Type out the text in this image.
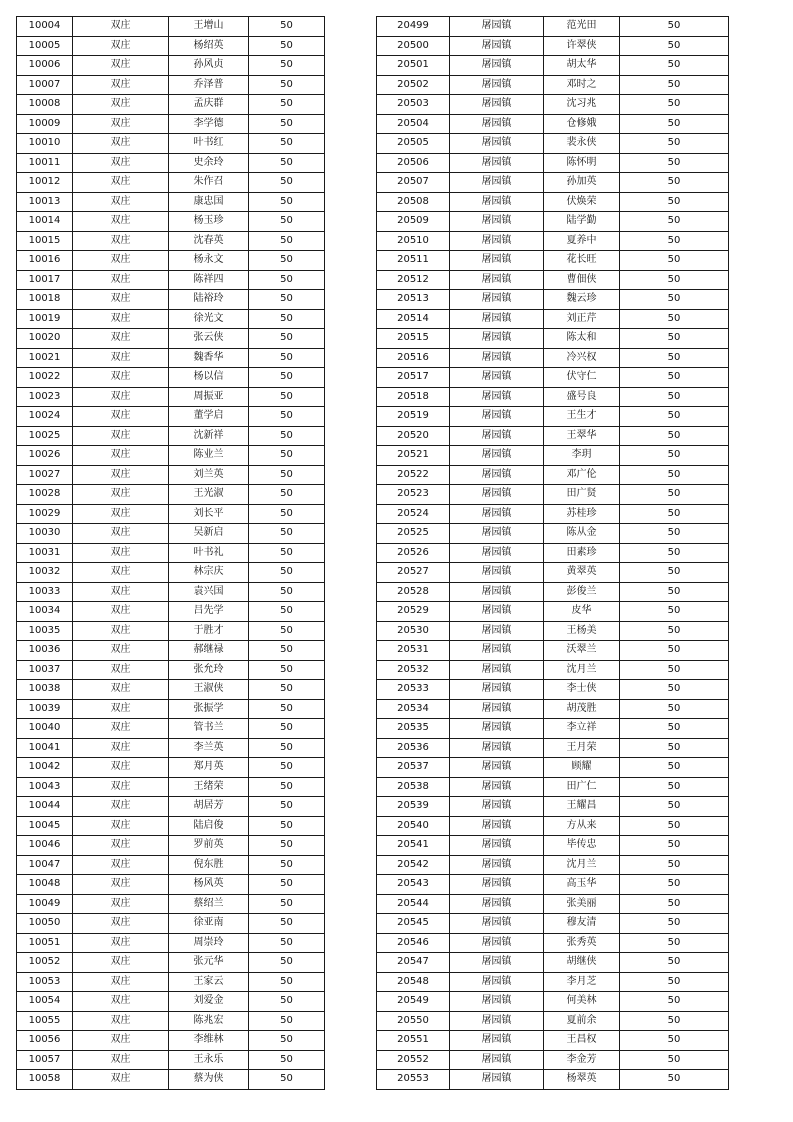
10004	双庄	王增山	50
10005	双庄	杨绍英	50
10006	双庄	孙风贞	50
10007	双庄	乔泽普	50
10008	双庄	孟庆群	50
10009	双庄	李学德	50
10010	双庄	叶书红	50
10011	双庄	史余玲	50
10012	双庄	朱作召	50
10013	双庄	康忠国	50
10014	双庄	杨玉珍	50
10015	双庄	沈春英	50
10016	双庄	杨永文	50
10017	双庄	陈祥四	50
10018	双庄	陆裕玲	50
10019	双庄	徐光文	50
10020	双庄	张云侠	50
10021	双庄	魏香华	50
10022	双庄	杨以信	50
10023	双庄	周振亚	50
10024	双庄	董学启	50
10025	双庄	沈新祥	50
10026	双庄	陈业兰	50
10027	双庄	刘兰英	50
10028	双庄	王光淑	50
10029	双庄	刘长平	50
10030	双庄	吴新启	50
10031	双庄	叶书礼	50
10032	双庄	林宗庆	50
10033	双庄	袁兴国	50
10034	双庄	吕先学	50
10035	双庄	于胜才	50
10036	双庄	郝继禄	50
10037	双庄	张允玲	50
10038	双庄	王淑侠	50
10039	双庄	张振学	50
10040	双庄	管书兰	50
10041	双庄	李兰英	50
10042	双庄	郑月英	50
10043	双庄	王绪荣	50
10044	双庄	胡居芳	50
10045	双庄	陆启俊	50
10046	双庄	罗前英	50
10047	双庄	倪东胜	50
10048	双庄	杨风英	50
10049	双庄	蔡绍兰	50
10050	双庄	徐亚南	50
10051	双庄	周崇玲	50
10052	双庄	张元华	50
10053	双庄	王家云	50
10054	双庄	刘爱金	50
10055	双庄	陈兆宏	50
10056	双庄	李维林	50
10057	双庄	王永乐	50
10058	双庄	蔡为侠	50
20499	屠园镇	范光田	50
20500	屠园镇	许翠侠	50
20501	屠园镇	胡太华	50
20502	屠园镇	邓时之	50
20503	屠园镇	沈习兆	50
20504	屠园镇	仓修娥	50
20505	屠园镇	裴永侠	50
20506	屠园镇	陈怀明	50
20507	屠园镇	孙加英	50
20508	屠园镇	伏焕荣	50
20509	屠园镇	陆学勤	50
20510	屠园镇	夏养中	50
20511	屠园镇	花长旺	50
20512	屠园镇	曹佃侠	50
20513	屠园镇	魏云珍	50
20514	屠园镇	刘正芹	50
20515	屠园镇	陈太和	50
20516	屠园镇	冷兴权	50
20517	屠园镇	伏守仁	50
20518	屠园镇	盛号良	50
20519	屠园镇	王生才	50
20520	屠园镇	王翠华	50
20521	屠园镇	李玥	50
20522	屠园镇	邓广伦	50
20523	屠园镇	田广贤	50
20524	屠园镇	苏桂珍	50
20525	屠园镇	陈从金	50
20526	屠园镇	田素珍	50
20527	屠园镇	黄翠英	50
20528	屠园镇	彭俊兰	50
20529	屠园镇	皮华	50
20530	屠园镇	王杨美	50
20531	屠园镇	沃翠兰	50
20532	屠园镇	沈月兰	50
20533	屠园镇	李士侠	50
20534	屠园镇	胡茂胜	50
20535	屠园镇	李立祥	50
20536	屠园镇	王月荣	50
20537	屠园镇	顾耀	50
20538	屠园镇	田广仁	50
20539	屠园镇	王耀昌	50
20540	屠园镇	方从来	50
20541	屠园镇	毕传忠	50
20542	屠园镇	沈月兰	50
20543	屠园镇	高玉华	50
20544	屠园镇	张美丽	50
20545	屠园镇	穆友清	50
20546	屠园镇	张秀英	50
20547	屠园镇	胡继侠	50
20548	屠园镇	李月芝	50
20549	屠园镇	何美林	50
20550	屠园镇	夏前余	50
20551	屠园镇	王昌权	50
20552	屠园镇	李金芳	50
20553	屠园镇	杨翠英	50
